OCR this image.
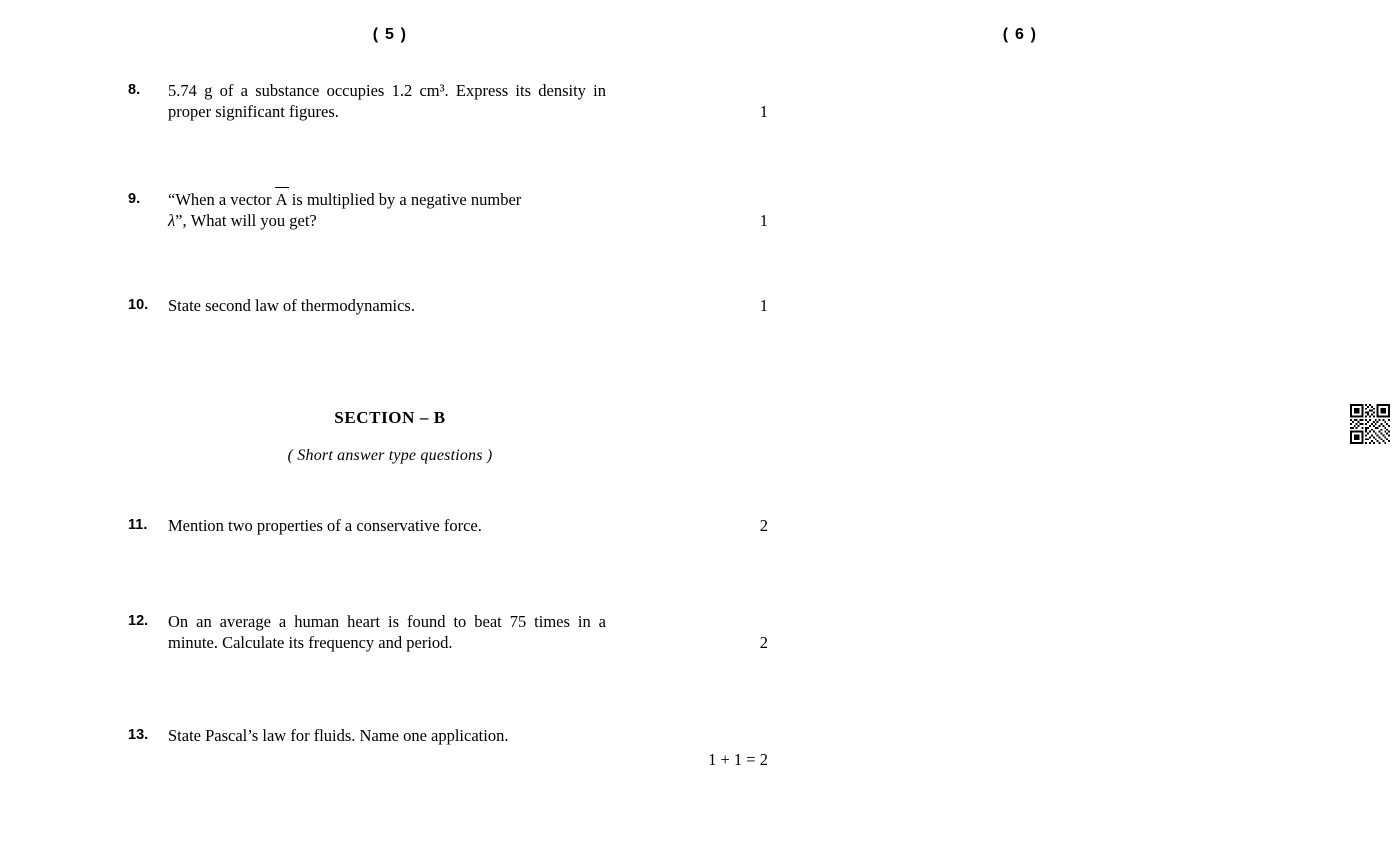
( 5 )
8.	5.74 g of a substance occupies 1.2 cm³. Express its density in proper significant figures.	1
9.	“When a vector A is multiplied by a negative number
λ”, What will you get?	1
10.	State second law of thermodynamics.	1
SECTION – B
( Short answer type questions )
11.	Mention two properties of a conservative force.	2
12.	On an average a human heart is found to beat 75 times in a minute. Calculate its frequency and period.	2
13.	State Pascal’s law for fluids. Name one application.
1 + 1 = 2
( 6 )
